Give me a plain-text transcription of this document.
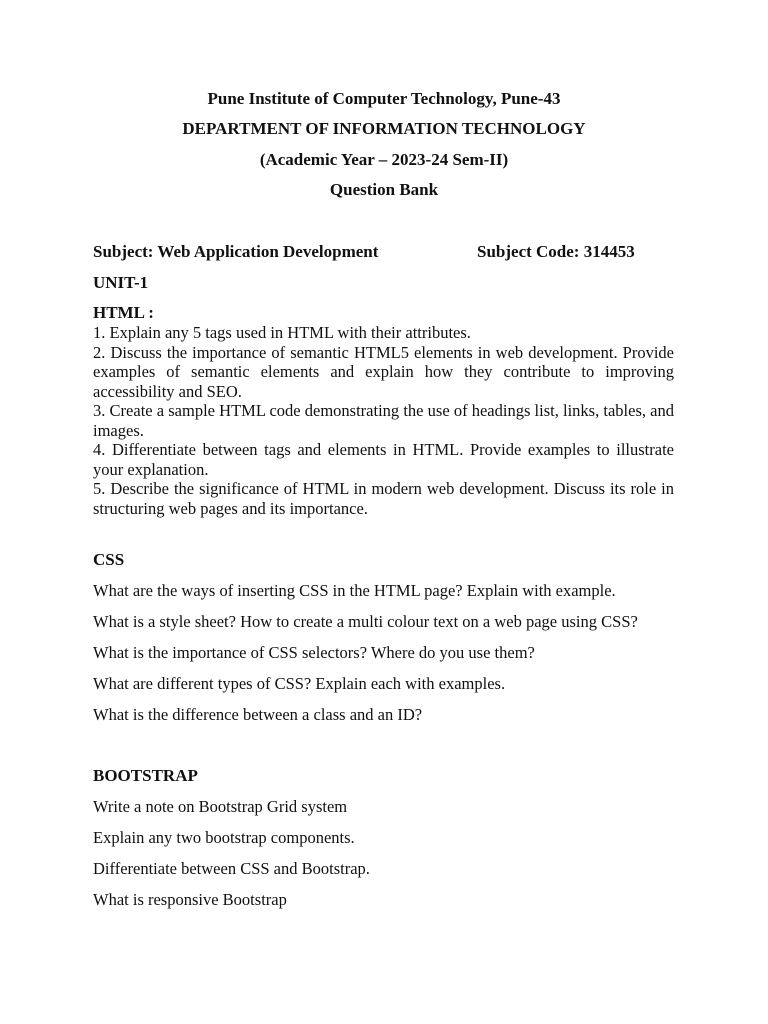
Pune Institute of Computer Technology, Pune-43
DEPARTMENT OF INFORMATION TECHNOLOGY
(Academic Year – 2023-24 Sem-II)
Question Bank
Subject: Web Application Development	Subject Code: 314453
UNIT-1
HTML :
1. Explain any 5 tags used in HTML with their attributes.
2. Discuss the importance of semantic HTML5 elements in web development. Provide examples of semantic elements and explain how they contribute to improving accessibility and SEO.
3. Create a sample HTML code demonstrating the use of headings list, links, tables, and images.
4. Differentiate between tags and elements in HTML. Provide examples to illustrate your explanation.
5. Describe the significance of HTML in modern web development. Discuss its role in structuring web pages and its importance.
CSS
What are the ways of inserting CSS in the HTML page? Explain with example.
What is a style sheet? How to create a multi colour text on a web page using CSS?
What is the importance of CSS selectors? Where do you use them?
What are different types of CSS? Explain each with examples.
What is the difference between a class and an ID?
BOOTSTRAP
Write a note on Bootstrap Grid system
Explain any two bootstrap components.
Differentiate between CSS and Bootstrap.
What is responsive Bootstrap
